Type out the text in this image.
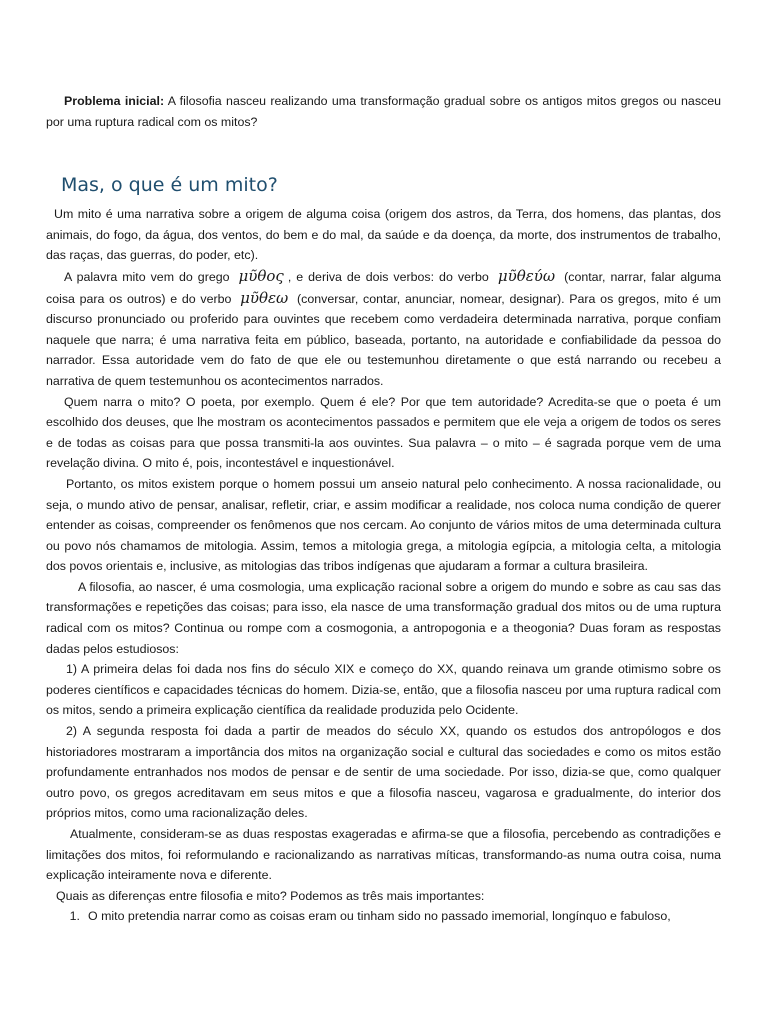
Problema inicial: A filosofia nasceu realizando uma transformação gradual sobre os antigos mitos gregos ou nasceu por uma ruptura radical com os mitos?

Mas, o que é um mito?

Um mito é uma narrativa sobre a origem de alguma coisa (origem dos astros, da Terra, dos homens, das plantas, dos animais, do fogo, da água, dos ventos, do bem e do mal, da saúde e da doença, da morte, dos instrumentos de trabalho, das raças, das guerras, do poder, etc).

A palavra mito vem do grego μῦθος , e deriva de dois verbos: do verbo μῦθεύω (contar, narrar, falar alguma coisa para os outros) e do verbo μῦθεω (conversar, contar, anunciar, nomear, designar). Para os gregos, mito é um discurso pronunciado ou proferido para ouvintes que recebem como verdadeira determinada narrativa, porque confiam naquele que narra; é uma narrativa feita em público, baseada, portanto, na autoridade e confiabilidade da pessoa do narrador. Essa autoridade vem do fato de que ele ou testemunhou diretamente o que está narrando ou recebeu a narrativa de quem testemunhou os acontecimentos narrados.

Quem narra o mito? O poeta, por exemplo. Quem é ele? Por que tem autoridade? Acredita-se que o poeta é um escolhido dos deuses, que lhe mostram os acontecimentos passados e permitem que ele veja a origem de todos os seres e de todas as coisas para que possa transmiti-la aos ouvintes. Sua palavra – o mito – é sagrada porque vem de uma revelação divina. O mito é, pois, incontestável e inquestionável.

Portanto, os mitos existem porque o homem possui um anseio natural pelo conhecimento. A nossa racionalidade, ou seja, o mundo ativo de pensar, analisar, refletir, criar, e assim modificar a realidade, nos coloca numa condição de querer entender as coisas, compreender os fenômenos que nos cercam. Ao conjunto de vários mitos de uma determinada cultura ou povo nós chamamos de mitologia. Assim, temos a mitologia grega, a mitologia egípcia, a mitologia celta, a mitologia dos povos orientais e, inclusive, as mitologias das tribos indígenas que ajudaram a formar a cultura brasileira.

A filosofia, ao nascer, é uma cosmologia, uma explicação racional sobre a origem do mundo e sobre as cau sas das transformações e repetições das coisas; para isso, ela nasce de uma transformação gradual dos mitos ou de uma ruptura radical com os mitos? Continua ou rompe com a cosmogonia, a antropogonia e a theogonia? Duas foram as respostas dadas pelos estudiosos:

1) A primeira delas foi dada nos fins do século XIX e começo do XX, quando reinava um grande otimismo sobre os poderes científicos e capacidades técnicas do homem. Dizia-se, então, que a filosofia nasceu por uma ruptura radical com os mitos, sendo a primeira explicação científica da realidade produzida pelo Ocidente.

2) A segunda resposta foi dada a partir de meados do século XX, quando os estudos dos antropólogos e dos historiadores mostraram a importância dos mitos na organização social e cultural das sociedades e como os mitos estão profundamente entranhados nos modos de pensar e de sentir de uma sociedade. Por isso, dizia-se que, como qualquer outro povo, os gregos acreditavam em seus mitos e que a filosofia nasceu, vagarosa e gradualmente, do interior dos próprios mitos, como uma racionalização deles.

Atualmente, consideram-se as duas respostas exageradas e afirma-se que a filosofia, percebendo as contradições e limitações dos mitos, foi reformulando e racionalizando as narrativas míticas, transformando-as numa outra coisa, numa explicação inteiramente nova e diferente.

Quais as diferenças entre filosofia e mito? Podemos as três mais importantes:

1. O mito pretendia narrar como as coisas eram ou tinham sido no passado imemorial, longínquo e fabuloso,
